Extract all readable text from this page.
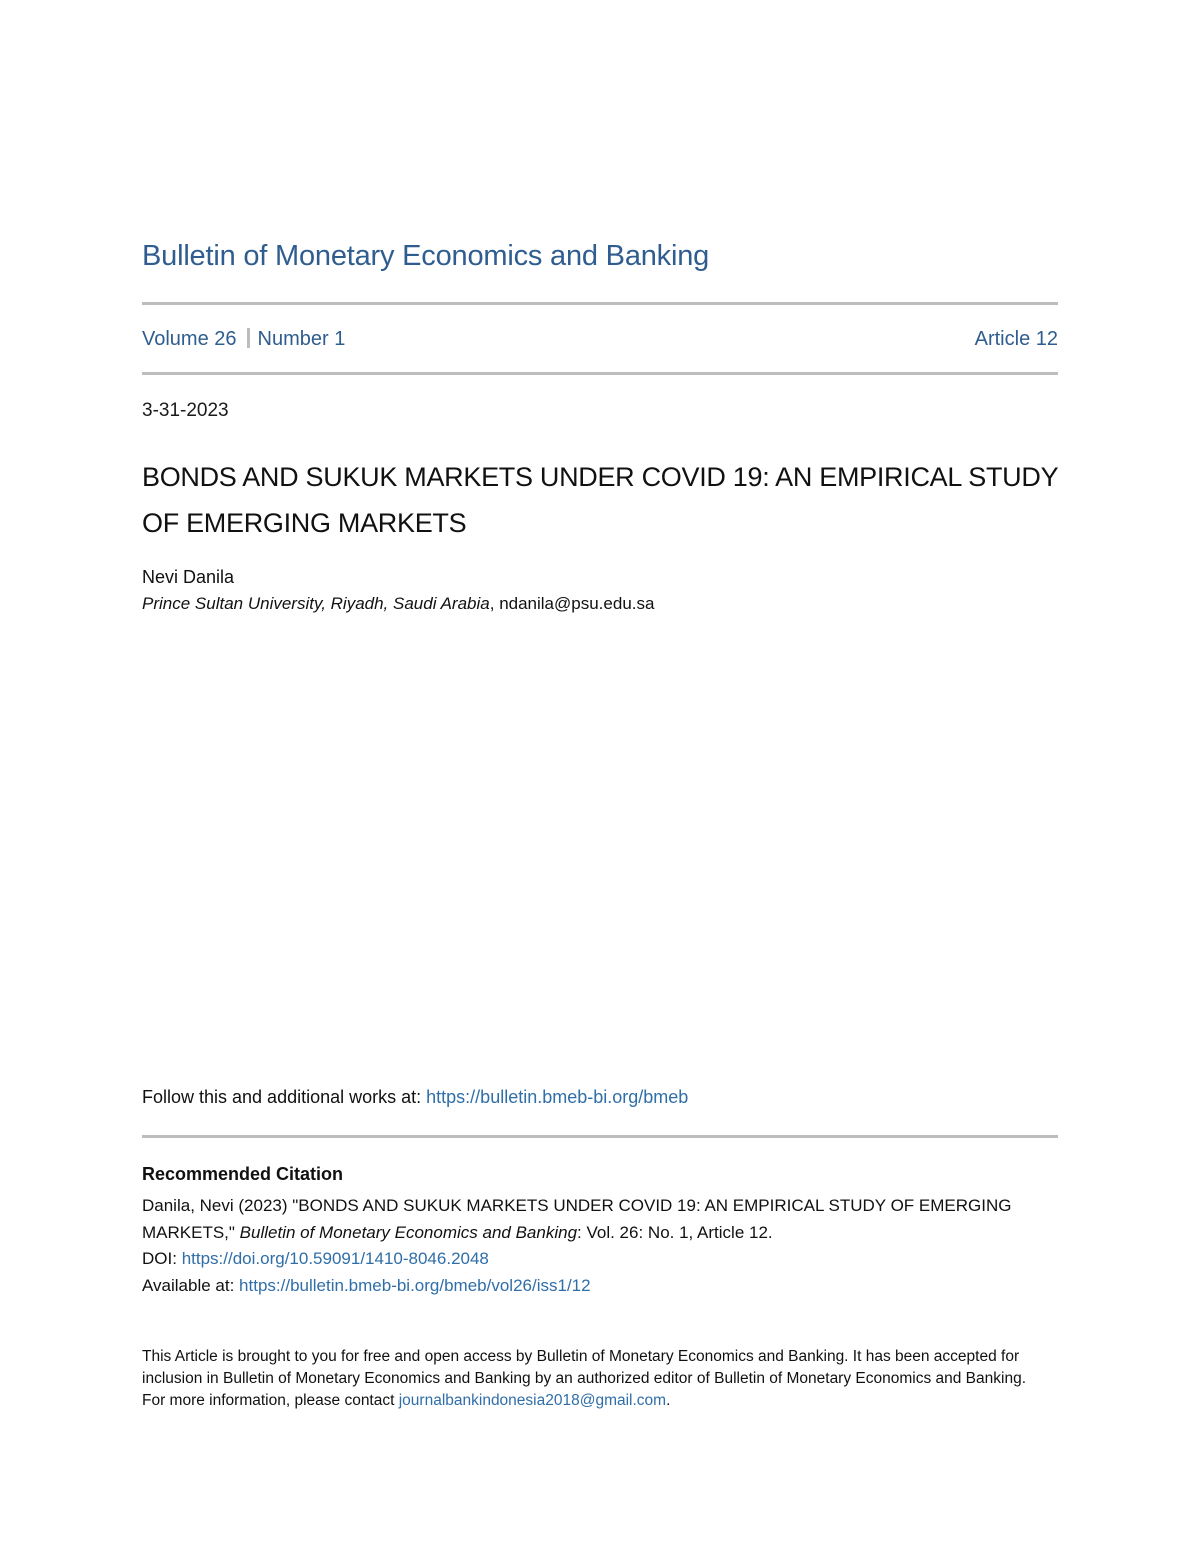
Bulletin of Monetary Economics and Banking
Volume 26 Number 1	Article 12
3-31-2023
BONDS AND SUKUK MARKETS UNDER COVID 19: AN EMPIRICAL STUDY OF EMERGING MARKETS
Nevi Danila
Prince Sultan University, Riyadh, Saudi Arabia, ndanila@psu.edu.sa
Follow this and additional works at: https://bulletin.bmeb-bi.org/bmeb
Recommended Citation
Danila, Nevi (2023) "BONDS AND SUKUK MARKETS UNDER COVID 19: AN EMPIRICAL STUDY OF EMERGING MARKETS," Bulletin of Monetary Economics and Banking: Vol. 26: No. 1, Article 12.
DOI: https://doi.org/10.59091/1410-8046.2048
Available at: https://bulletin.bmeb-bi.org/bmeb/vol26/iss1/12
This Article is brought to you for free and open access by Bulletin of Monetary Economics and Banking. It has been accepted for inclusion in Bulletin of Monetary Economics and Banking by an authorized editor of Bulletin of Monetary Economics and Banking. For more information, please contact journalbankindonesia2018@gmail.com.
